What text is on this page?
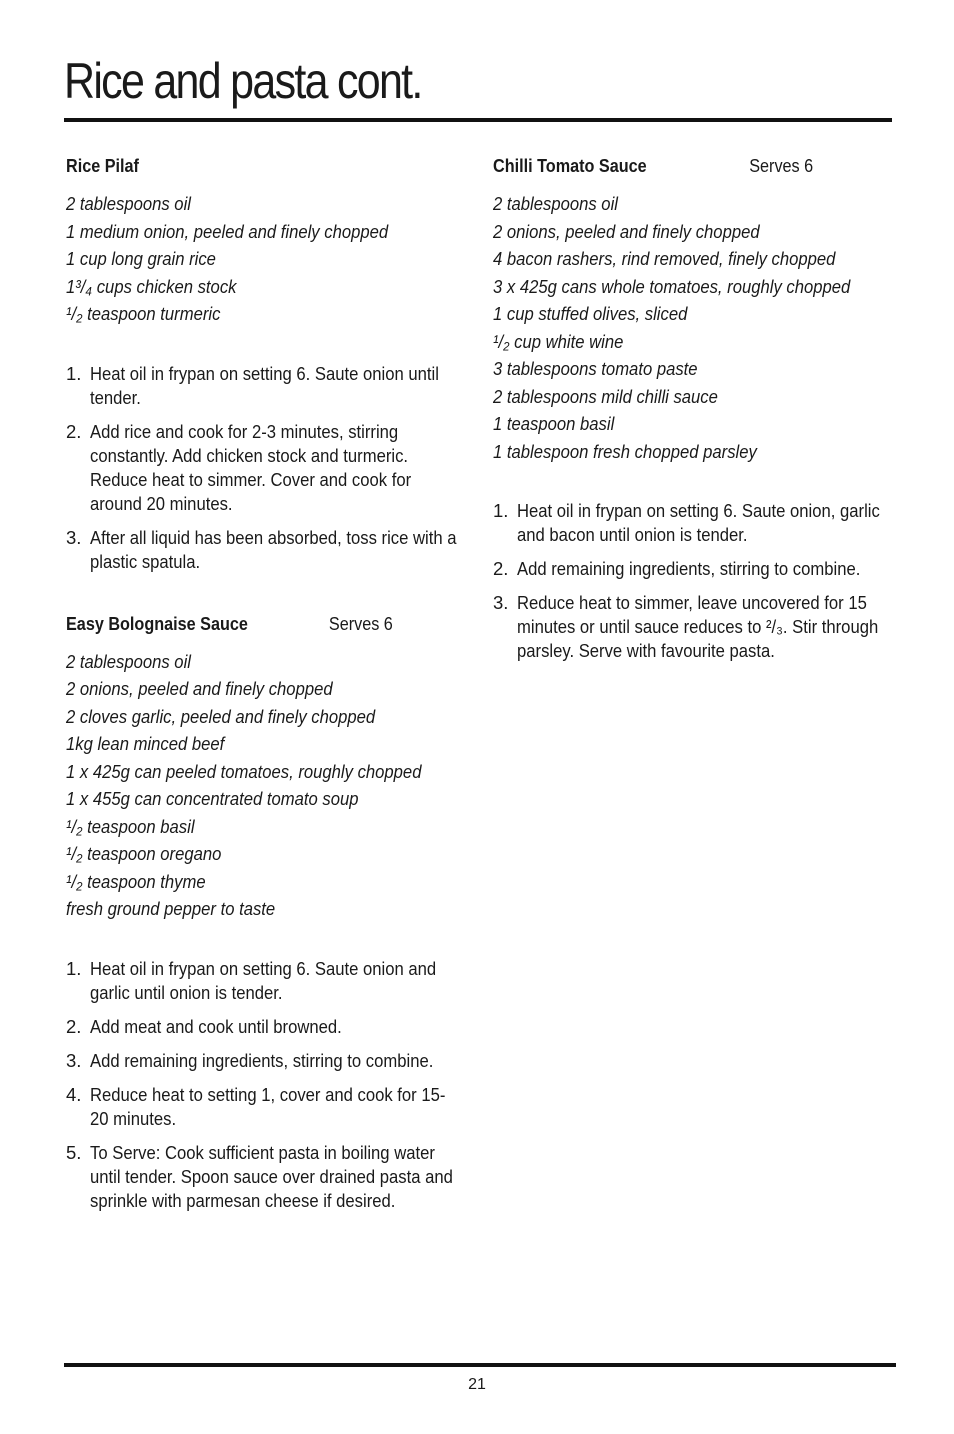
Rice and pasta cont.
Rice Pilaf
2 tablespoons oil
1 medium onion, peeled and finely chopped
1 cup long grain rice
1³/₄ cups chicken stock
¹/₂ teaspoon turmeric
1. Heat oil in frypan on setting 6. Saute onion until tender.
2. Add rice and cook for 2-3 minutes, stirring constantly. Add chicken stock and turmeric. Reduce heat to simmer. Cover and cook for around 20 minutes.
3. After all liquid has been absorbed, toss rice with a plastic spatula.
Easy Bolognaise Sauce	Serves 6
2 tablespoons oil
2 onions, peeled and finely chopped
2 cloves garlic, peeled and finely chopped
1kg lean minced beef
1 x 425g can peeled tomatoes, roughly chopped
1 x 455g can concentrated tomato soup
¹/₂ teaspoon basil
¹/₂ teaspoon oregano
¹/₂ teaspoon thyme
fresh ground pepper to taste
1. Heat oil in frypan on setting 6. Saute onion and garlic until onion is tender.
2. Add meat and cook until browned.
3. Add remaining ingredients, stirring to combine.
4. Reduce heat to setting 1, cover and cook for 15-20 minutes.
5. To Serve: Cook sufficient pasta in boiling water until tender. Spoon sauce over drained pasta and sprinkle with parmesan cheese if desired.
Chilli Tomato Sauce	Serves 6
2 tablespoons oil
2 onions, peeled and finely chopped
4 bacon rashers, rind removed, finely chopped
3 x 425g cans whole tomatoes, roughly chopped
1 cup stuffed olives, sliced
¹/₂ cup white wine
3 tablespoons tomato paste
2 tablespoons mild chilli sauce
1 teaspoon basil
1 tablespoon fresh chopped parsley
1. Heat oil in frypan on setting 6. Saute onion, garlic and bacon until onion is tender.
2. Add remaining ingredients, stirring to combine.
3. Reduce heat to simmer, leave uncovered for 15 minutes or until sauce reduces to ²/₃. Stir through parsley. Serve with favourite pasta.
21
